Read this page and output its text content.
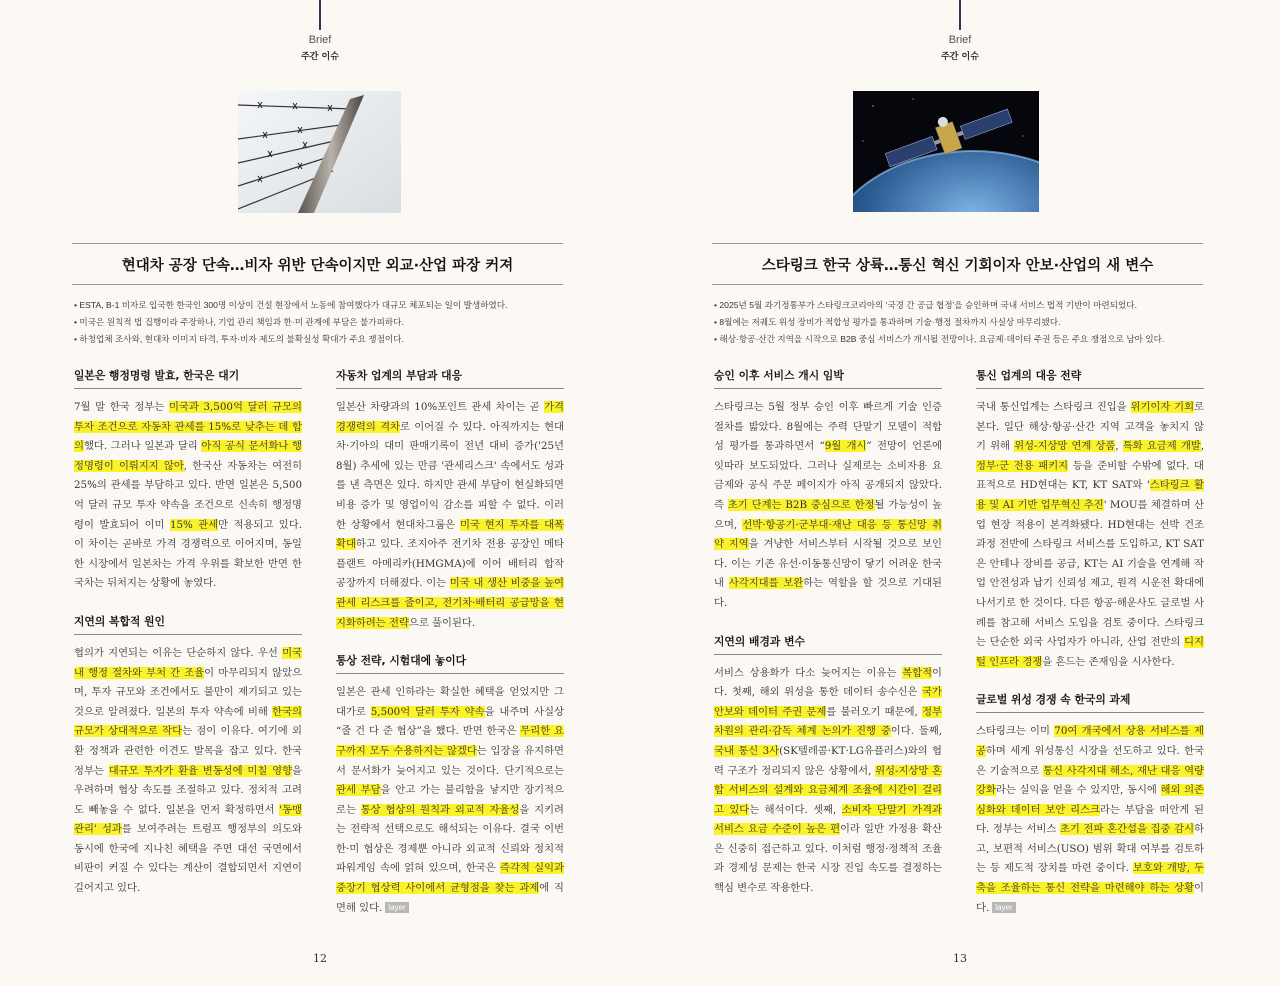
Brief
주간 이슈
현대차 공장 단속…비자 위반 단속이지만 외교·산업 파장 커져
• ESTA, B-1 비자로 입국한 한국인 300명 이상이 건설 현장에서 노동에 참여했다가 대규모 체포되는 일이 발생하였다.
• 미국은 원칙적 법 집행이라 주장하나, 기업 관리 책임과 한·미 관계에 부담은 불가피하다.
• 하청업체 조사와, 현대차 이미지 타격, 투자·비자 제도의 불확실성 확대가 주요 쟁점이다.
일본은 행정명령 발효, 한국은 대기

7월 말 한국 정부는 미국과 3,500억 달러 규모의 투자 조건으로 자동차 관세를 15%로 낮추는 데 합의했다. 그러나 일본과 달리 아직 공식 문서화나 행정명령이 이뤄지지 않아, 한국산 자동차는 여전히 25%의 관세를 부담하고 있다. 반면 일본은 5,500억 달러 규모 투자 약속을 조건으로 신속히 행정명령이 발효되어 이미 15% 관세만 적용되고 있다. 이 차이는 곧바로 가격 경쟁력으로 이어지며, 동일한 시장에서 일본차는 가격 우위를 확보한 반면 한국차는 뒤처지는 상황에 놓였다.

지연의 복합적 원인

협의가 지연되는 이유는 단순하지 않다. 우선 미국 내 행정 절차와 부처 간 조율이 마무리되지 않았으며, 투자 규모와 조건에서도 불만이 제기되고 있는 것으로 알려졌다. 일본의 투자 약속에 비해 한국의 규모가 상대적으로 작다는 점이 이유다. 여기에 외환 정책과 관련한 이견도 발목을 잡고 있다. 한국 정부는 대규모 투자가 환율 변동성에 미칠 영향을 우려하며 협상 속도를 조절하고 있다. 정치적 고려도 빼놓을 수 없다. 일본을 먼저 확정하면서 '동맹 관리' 성과를 보여주려는 트럼프 행정부의 의도와 동시에 한국에 지나친 혜택을 주면 대선 국면에서 비판이 커질 수 있다는 계산이 결합되면서 지연이 길어지고 있다.

자동차 업계의 부담과 대응

일본산 차량과의 10%포인트 관세 차이는 곧 가격 경쟁력의 격차로 이어질 수 있다. 아직까지는 현대차·기아의 대미 판매기록이 전년 대비 증가('25년 8월) 추세에 있는 만큼 '관세리스크' 속에서도 성과를 낸 측면은 있다. 하지만 관세 부담이 현실화되면 비용 증가 및 영업이익 감소를 피할 수 없다. 이러한 상황에서 현대차그룹은 미국 현지 투자를 대폭 확대하고 있다. 조지아주 전기차 전용 공장인 메타플랜트 아메리카(HMGMA)에 이어 배터리 합작 공장까지 더해졌다. 이는 미국 내 생산 비중을 높여 관세 리스크를 줄이고, 전기차·배터리 공급망을 현지화하려는 전략으로 풀이된다.

통상 전략, 시험대에 놓이다

일본은 관세 인하라는 확실한 혜택을 얻었지만 그 대가로 5,500억 달러 투자 약속을 내주며 사실상 “줄 건 다 준 협상”을 했다. 반면 한국은 무리한 요구까지 모두 수용하지는 않겠다는 입장을 유지하면서 문서화가 늦어지고 있는 것이다. 단기적으로는 관세 부담을 안고 가는 불리함을 낳지만 장기적으로는 통상 협상의 원칙과 외교적 자율성을 지키려는 전략적 선택으로도 해석되는 이유다. 결국 이번 한·미 협상은 경제뿐 아니라 외교적 신뢰와 정치적 파워게임 속에 얽혀 있으며, 한국은 즉각적 실익과 중장기 협상력 사이에서 균형점을 찾는 과제에 직면해 있다. layer

12
Brief
주간 이슈
스타링크 한국 상륙…통신 혁신 기회이자 안보·산업의 새 변수
• 2025년 5월 과기정통부가 스타링크코리아의 '국경 간 공급 협정'을 승인하며 국내 서비스 법적 기반이 마련되었다.
• 8월에는 저궤도 위성 장비가 적합성 평가를 통과하며 기술·행정 절차까지 사실상 마무리됐다.
• 해상·항공·산간 지역을 시작으로 B2B 중심 서비스가 개시될 전망이나, 요금제·데이터 주권 등은 주요 쟁점으로 남아 있다.
승인 이후 서비스 개시 임박

스타링크는 5월 정부 승인 이후 빠르게 기술 인증 절차를 밟았다. 8월에는 주력 단말기 모델이 적합성 평가를 통과하면서 “9월 개시” 전망이 언론에 잇따라 보도되었다. 그러나 실제로는 소비자용 요금제와 공식 주문 페이지가 아직 공개되지 않았다. 즉 초기 단계는 B2B 중심으로 한정될 가능성이 높으며, 선박·항공기·군부대·재난 대응 등 통신망 취약 지역을 겨냥한 서비스부터 시작될 것으로 보인다. 이는 기존 유선·이동통신망이 닿기 어려운 한국 내 사각지대를 보완하는 역할을 할 것으로 기대된다.

지연의 배경과 변수

서비스 상용화가 다소 늦어지는 이유는 복합적이다. 첫째, 해외 위성을 통한 데이터 송수신은 국가 안보와 데이터 주권 문제를 불러오기 때문에, 정부 차원의 관리·감독 체계 논의가 진행 중이다. 둘째, 국내 통신 3사(SK텔레콤·KT·LG유플러스)와의 협력 구조가 정리되지 않은 상황에서, 위성-지상망 혼합 서비스의 설계와 요금체계 조율에 시간이 걸리고 있다는 해석이다. 셋째, 소비자 단말기 가격과 서비스 요금 수준이 높은 편이라 일반 가정용 확산은 신중히 접근하고 있다. 이처럼 행정·정책적 조율과 경제성 문제는 한국 시장 진입 속도를 결정하는 핵심 변수로 작용한다.

통신 업계의 대응 전략

국내 통신업계는 스타링크 진입을 위기이자 기회로 본다. 일단 해상·항공·산간 지역 고객을 놓치지 않기 위해 위성-지상망 연계 상품, 특화 요금제 개발, 정부·군 전용 패키지 등을 준비할 수밖에 없다. 대표적으로 HD현대는 KT, KT SAT와 '스타링크 활용 및 AI 기반 업무혁신 추진' MOU를 체결하며 산업 현장 적용이 본격화됐다. HD현대는 선박 건조 과정 전반에 스타링크 서비스를 도입하고, KT SAT은 안테나 장비를 공급, KT는 AI 기술을 연계해 작업 안전성과 납기 신뢰성 제고, 원격 시운전 확대에 나서기로 한 것이다. 다른 항공·해운사도 글로벌 사례를 참고해 서비스 도입을 검토 중이다. 스타링크는 단순한 외국 사업자가 아니라, 산업 전반의 디지털 인프라 경쟁을 흔드는 존재임을 시사한다.

글로벌 위성 경쟁 속 한국의 과제

스타링크는 이미 70여 개국에서 상용 서비스를 제공하며 세계 위성통신 시장을 선도하고 있다. 한국은 기술적으로 통신 사각지대 해소, 재난 대응 역량 강화라는 실익을 얻을 수 있지만, 동시에 해외 의존 심화와 데이터 보안 리스크라는 부담을 떠안게 된다. 정부는 서비스 초기 전파 혼간섭을 집중 감시하고, 보편적 서비스(USO) 범위 확대 여부를 검토하는 등 제도적 장치를 마련 중이다. 보호와 개방, 두 축을 조율하는 통신 전략을 마련해야 하는 상황이다. layer

13
